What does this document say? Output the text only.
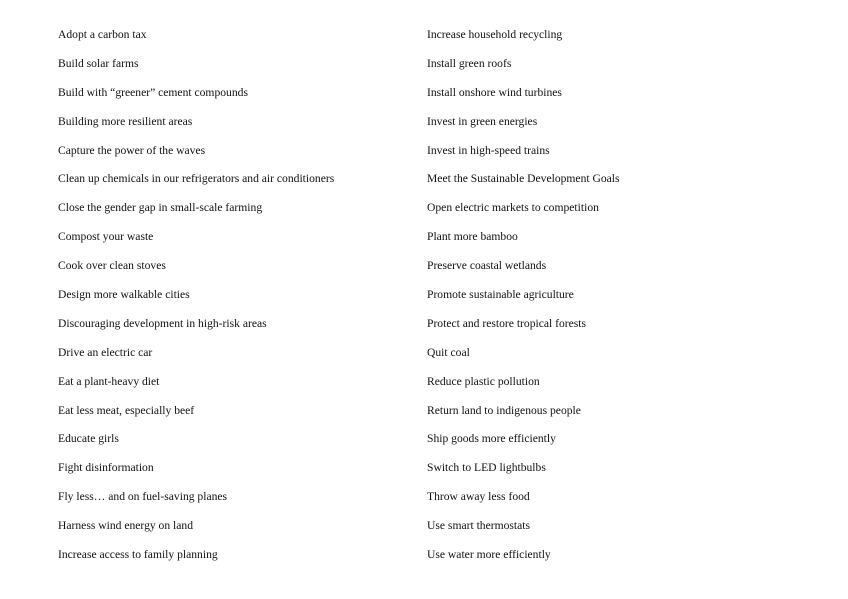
Adopt a carbon tax
Build solar farms
Build with “greener” cement compounds
Building more resilient areas
Capture the power of the waves
Clean up chemicals in our refrigerators and air conditioners
Close the gender gap in small-scale farming
Compost your waste
Cook over clean stoves
Design more walkable cities
Discouraging development in high-risk areas
Drive an electric car
Eat a plant-heavy diet
Eat less meat, especially beef
Educate girls
Fight disinformation
Fly less… and on fuel-saving planes
Harness wind energy on land
Increase access to family planning
Increase household recycling
Install green roofs
Install onshore wind turbines
Invest in green energies
Invest in high-speed trains
Meet the Sustainable Development Goals
Open electric markets to competition
Plant more bamboo
Preserve coastal wetlands
Promote sustainable agriculture
Protect and restore tropical forests
Quit coal
Reduce plastic pollution
Return land to indigenous people
Ship goods more efficiently
Switch to LED lightbulbs
Throw away less food
Use smart thermostats
Use water more efficiently
